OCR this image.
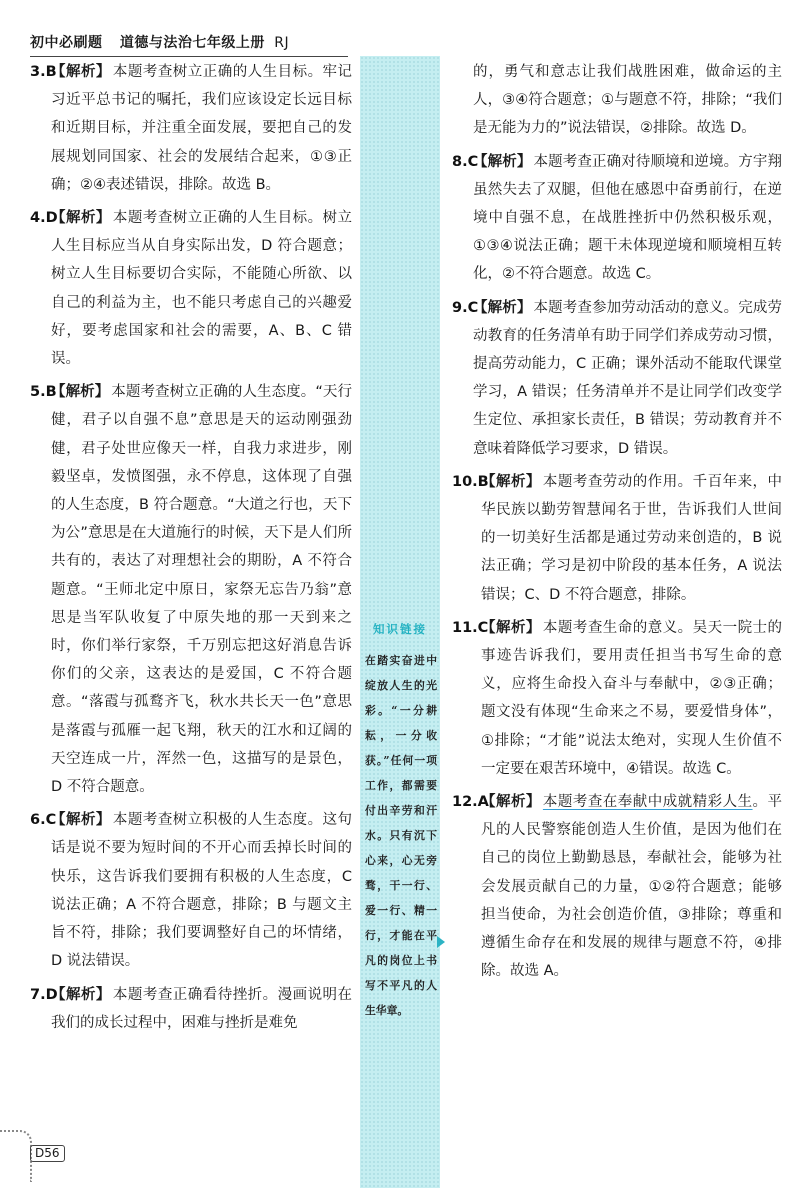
初中必刷题 道德与法治七年级上册 RJ
3.B
【解析】 本题考查树立正确的人生目标。牢记习近平总书记的嘱托，我们应该设定长远目标和近期目标，并注重全面发展，要把自己的发展规划同国家、社会的发展结合起来，①③正确；②④表述错误，排除。故选 B。
4.D
【解析】 本题考查树立正确的人生目标。树立人生目标应当从自身实际出发，D 符合题意；树立人生目标要切合实际，不能随心所欲、以自己的利益为主，也不能只考虑自己的兴趣爱好，要考虑国家和社会的需要，A、B、C 错误。
5.B
【解析】 本题考查树立正确的人生态度。“天行健，君子以自强不息”意思是天的运动刚强劲健，君子处世应像天一样，自我力求进步，刚毅坚卓，发愤图强，永不停息，这体现了自强的人生态度，B 符合题意。“大道之行也，天下为公”意思是在大道施行的时候，天下是人们所共有的，表达了对理想社会的期盼，A 不符合题意。“王师北定中原日，家祭无忘告乃翁”意思是当军队收复了中原失地的那一天到来之时，你们举行家祭，千万别忘把这好消息告诉你们的父亲，这表达的是爱国，C 不符合题意。“落霞与孤鹜齐飞，秋水共长天一色”意思是落霞与孤雁一起飞翔，秋天的江水和辽阔的天空连成一片，浑然一色，这描写的是景色，D 不符合题意。
6.C
【解析】 本题考查树立积极的人生态度。这句话是说不要为短时间的不开心而丢掉长时间的快乐，这告诉我们要拥有积极的人生态度，C 说法正确；A 不符合题意，排除；B 与题文主旨不符，排除；我们要调整好自己的坏情绪，D 说法错误。
7.D
【解析】 本题考查正确看待挫折。漫画说明在我们的成长过程中，困难与挫折是难免
知识链接
在踏实奋进中绽放人生的光彩。“一分耕耘，一分收获。”任何一项工作，都需要付出辛劳和汗水。只有沉下心来，心无旁骛，干一行、爱一行、精一行，才能在平凡的岗位上书写不平凡的人生华章。
的，勇气和意志让我们战胜困难，做命运的主人，③④符合题意；①与题意不符，排除；“我们是无能为力的”说法错误，②排除。故选 D。
8.C
【解析】 本题考查正确对待顺境和逆境。方宇翔虽然失去了双腿，但他在感恩中奋勇前行，在逆境中自强不息，在战胜挫折中仍然积极乐观，①③④说法正确；题干未体现逆境和顺境相互转化，②不符合题意。故选 C。
9.C
【解析】 本题考查参加劳动活动的意义。完成劳动教育的任务清单有助于同学们养成劳动习惯，提高劳动能力，C 正确；课外活动不能取代课堂学习，A 错误；任务清单并不是让同学们改变学生定位、承担家长责任，B 错误；劳动教育并不意味着降低学习要求，D 错误。
10.B
【解析】 本题考查劳动的作用。千百年来，中华民族以勤劳智慧闻名于世，告诉我们人世间的一切美好生活都是通过劳动来创造的，B 说法正确；学习是初中阶段的基本任务，A 说法错误；C、D 不符合题意，排除。
11.C
【解析】 本题考查生命的意义。吴天一院士的事迹告诉我们，要用责任担当书写生命的意义，应将生命投入奋斗与奉献中，②③正确；题文没有体现“生命来之不易，要爱惜身体”，①排除；“才能”说法太绝对，实现人生价值不一定要在艰苦环境中，④错误。故选 C。
12.A
【解析】 本题考查在奉献中成就精彩人生。平凡的人民警察能创造人生价值，是因为他们在自己的岗位上勤勤恳恳，奉献社会，能够为社会发展贡献自己的力量，①②符合题意；能够担当使命，为社会创造价值，③排除；尊重和遵循生命存在和发展的规律与题意不符，④排除。故选 A。
D56
